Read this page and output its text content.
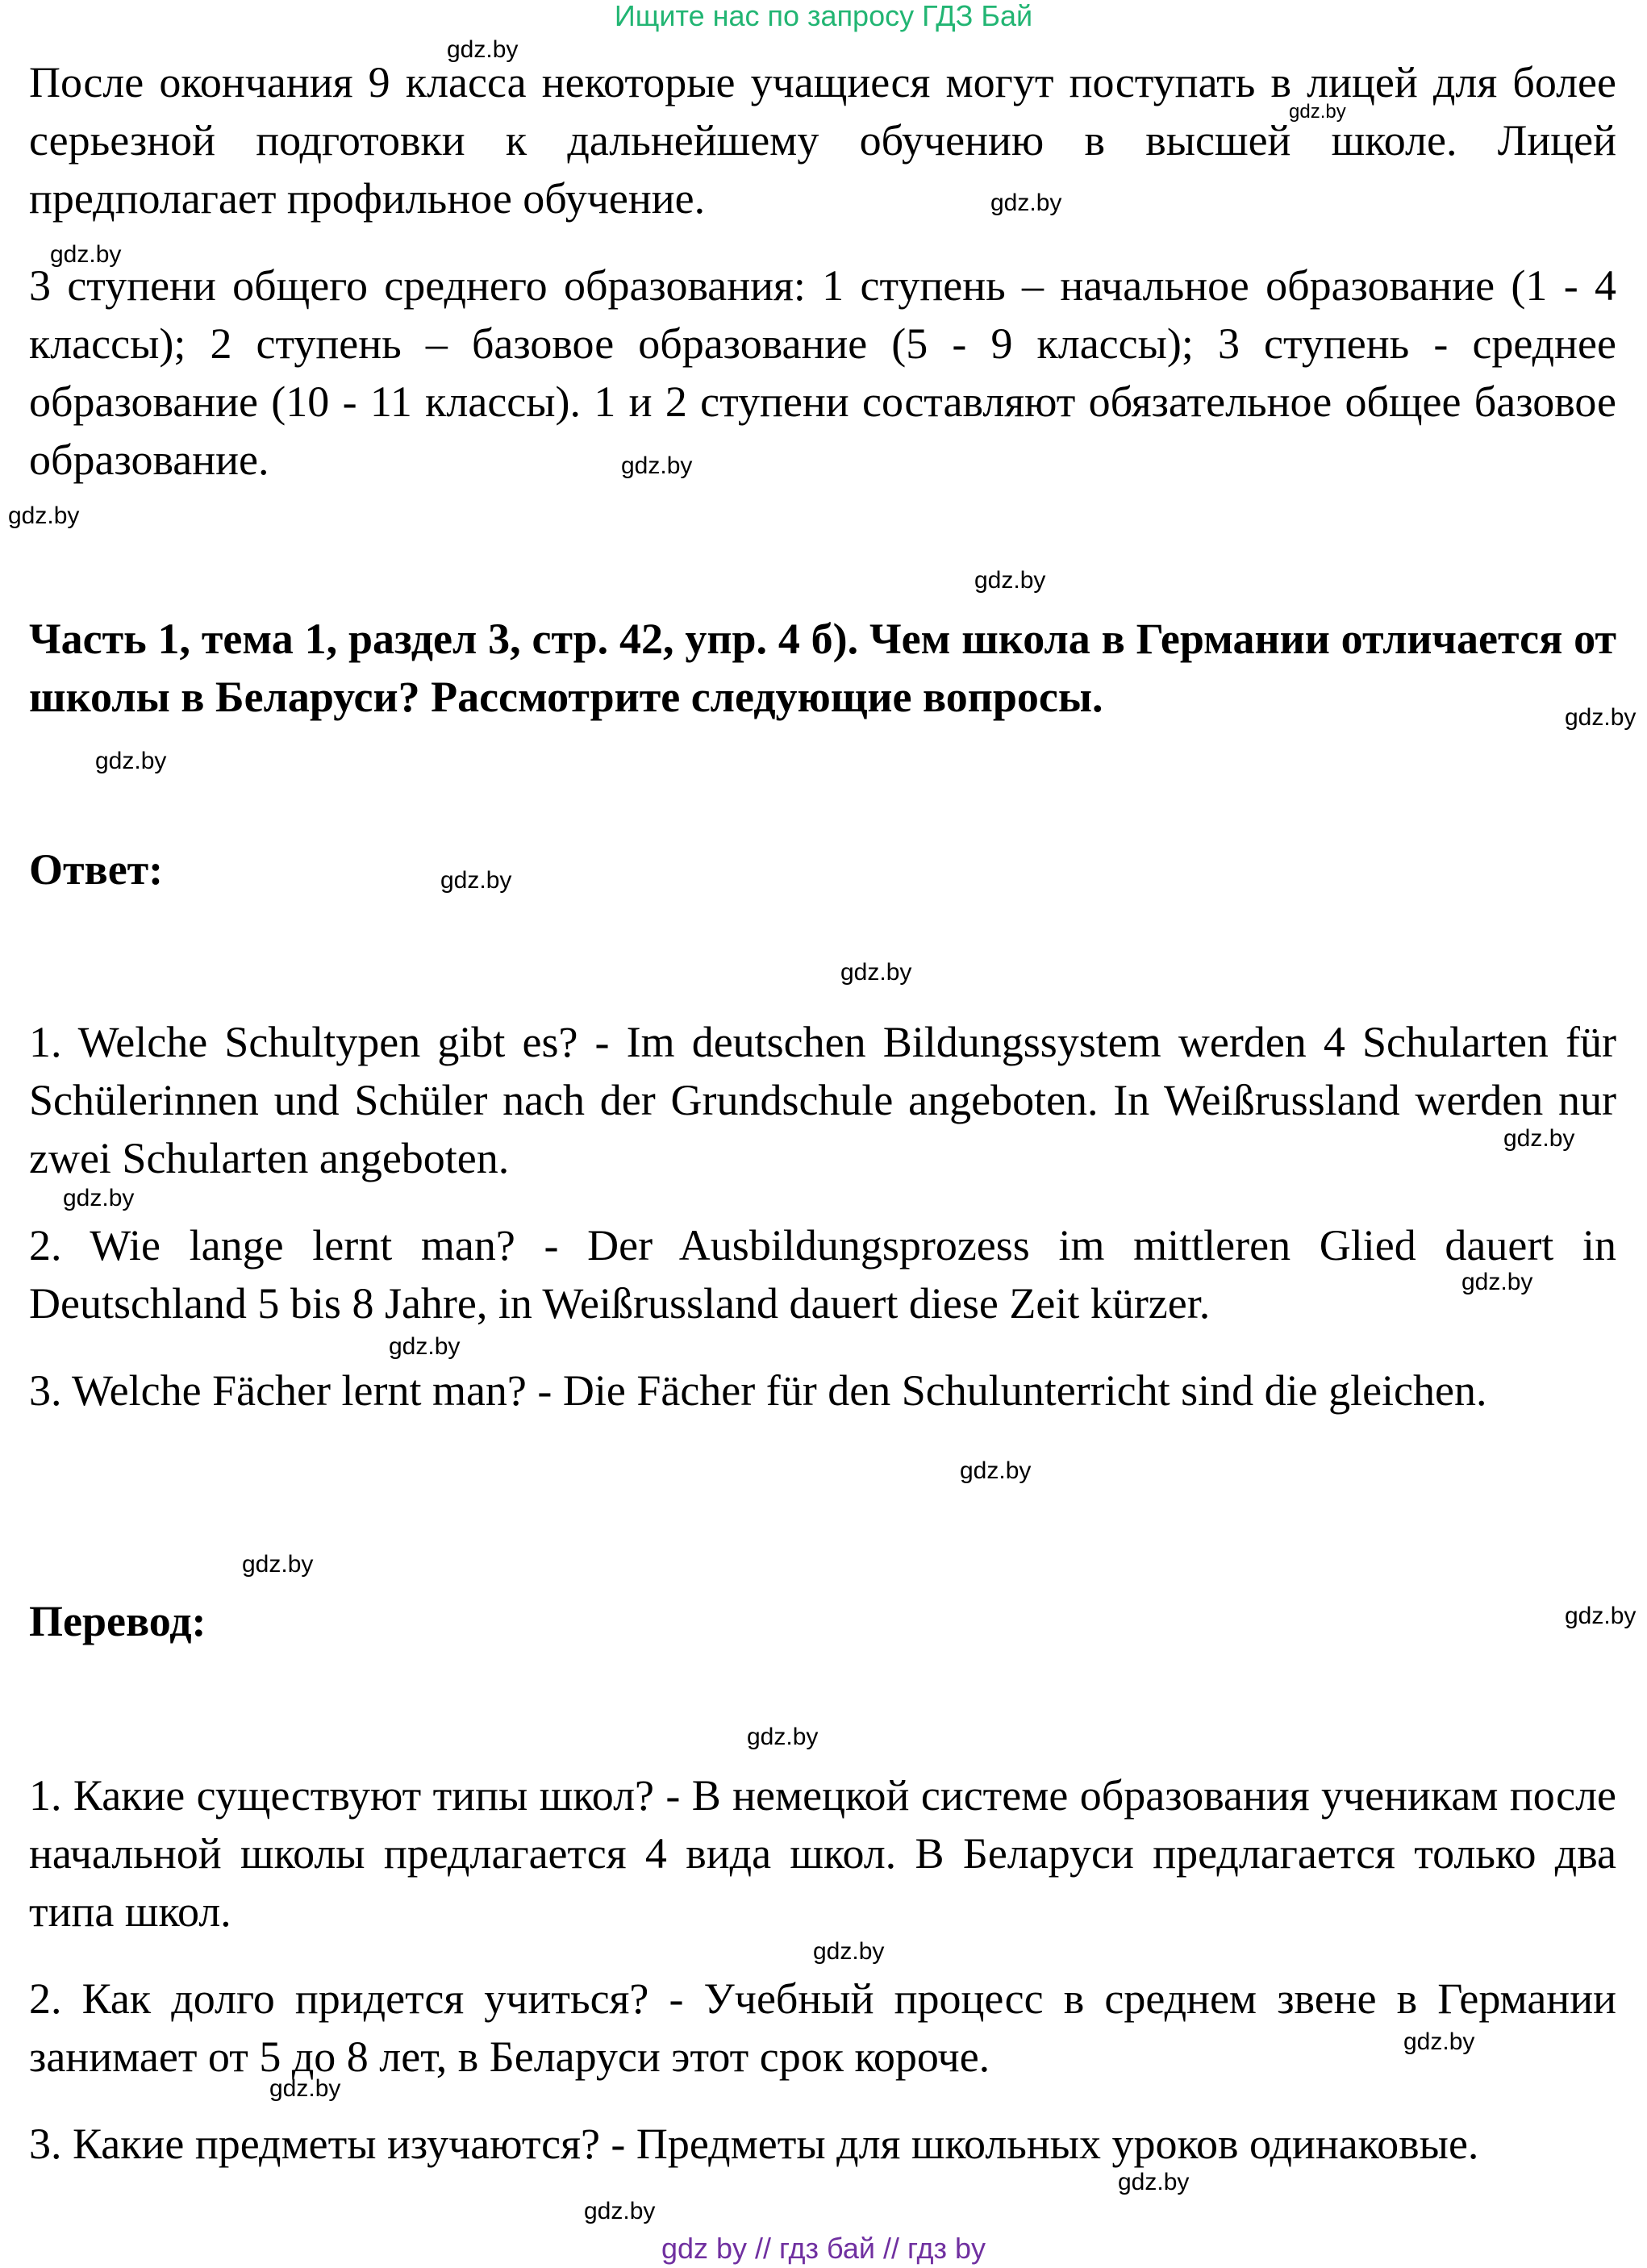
Ищите нас по запросу ГДЗ Бай

После окончания 9 класса некоторые учащиеся могут поступать в лицей для более серьезной подготовки к дальнейшему обучению в высшей школе. Лицей предполагает профильное обучение.

3 ступени общего среднего образования: 1 ступень – начальное образование (1 - 4 классы); 2 ступень – базовое образование (5 - 9 классы); 3 ступень - среднее образование (10 - 11 классы). 1 и 2 ступени составляют обязательное общее базовое образование.

Часть 1, тема 1, раздел 3, стр. 42, упр. 4 б). Чем школа в Германии отличается от школы в Беларуси? Рассмотрите следующие вопросы.

Ответ:

1. Welche Schultypen gibt es? - Im deutschen Bildungssystem werden 4 Schularten für Schülerinnen und Schüler nach der Grundschule angeboten. In Weißrussland werden nur zwei Schularten angeboten.

2. Wie lange lernt man? - Der Ausbildungsprozess im mittleren Glied dauert in Deutschland 5 bis 8 Jahre, in Weißrussland dauert diese Zeit kürzer.

3. Welche Fächer lernt man? - Die Fächer für den Schulunterricht sind die gleichen.

Перевод:

1. Какие существуют типы школ? - В немецкой системе образования ученикам после начальной школы предлагается 4 вида школ. В Беларуси предлагается только два типа школ.

2. Как долго придется учиться? - Учебный процесс в среднем звене в Германии занимает от 5 до 8 лет, в Беларуси этот срок короче.

3. Какие предметы изучаются? - Предметы для школьных уроков одинаковые.

gdz.by
gdz.by
gdz.by
gdz.by
gdz.by
gdz.by
gdz.by
gdz.by
gdz.by
gdz.by
gdz.by
gdz.by
gdz.by
gdz.by
gdz.by
gdz.by
gdz.by
gdz.by
gdz.by
gdz.by
gdz.by
gdz.by
gdz.by
gdz.by
gdz by // гдз бай // гдз by
